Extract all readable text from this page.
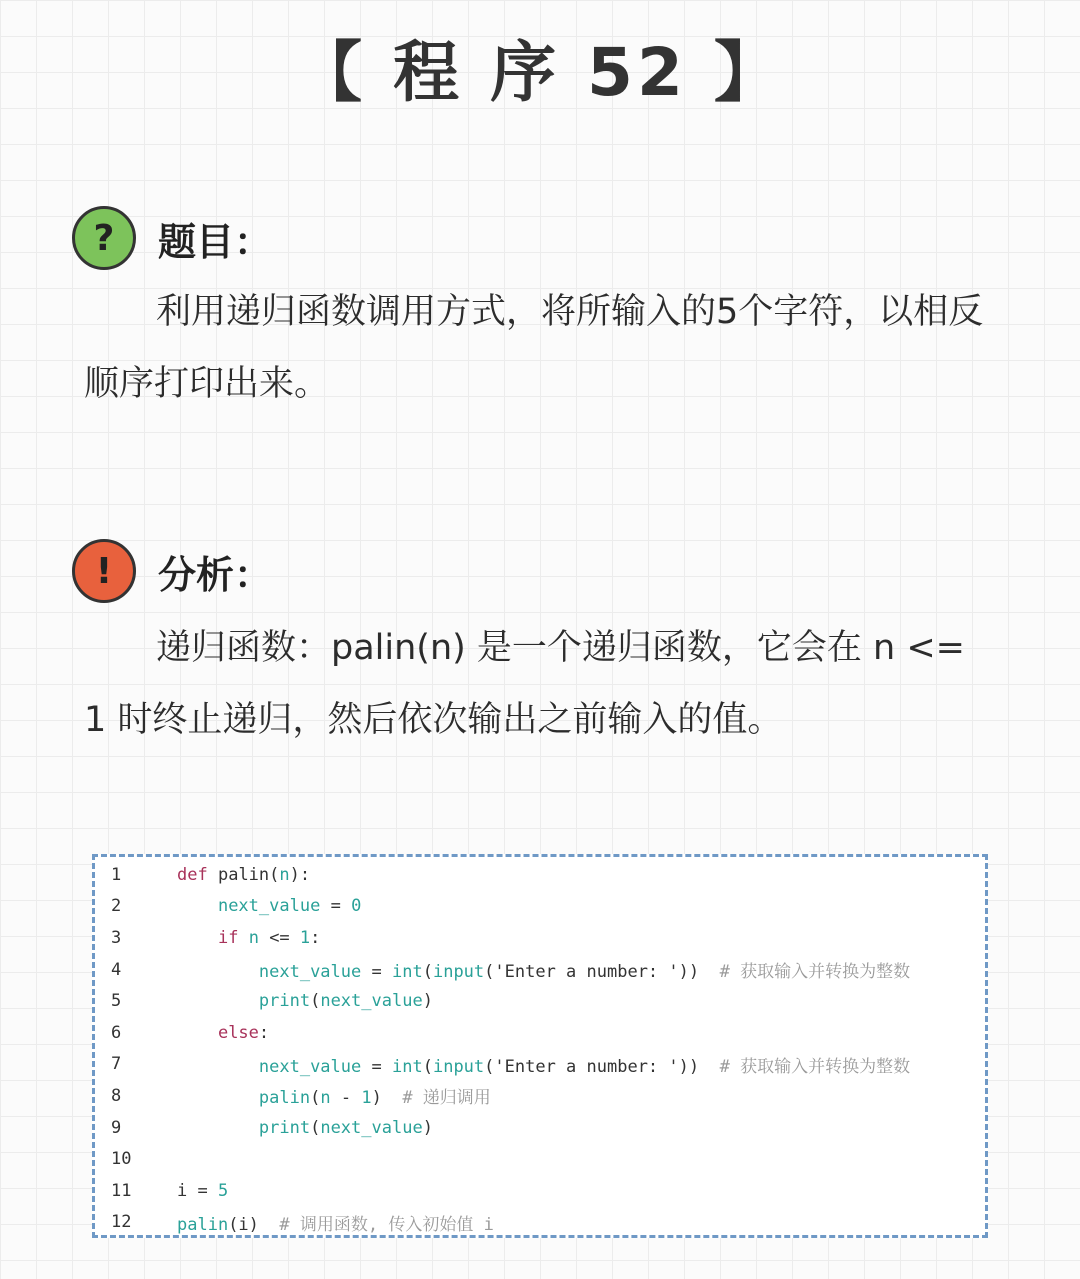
【 程 序 52 】
?	题目：

利用递归函数调用方式，将所输入的5个字符，以相反顺序打印出来。

!	分析：

递归函数：palin(n) 是一个递归函数，它会在 n <= 1 时终止递归，然后依次输出之前输入的值。

1	def palin(n):
2	next_value = 0
3	if n <= 1:
4	next_value = int(input('Enter a number: ')) # 获取输入并转换为整数
5	print(next_value)
6	else:
7	next_value = int(input('Enter a number: ')) # 获取输入并转换为整数
8	palin(n - 1) # 递归调用
9	print(next_value)
10
11	i = 5
12	palin(i) # 调用函数, 传入初始值 i
